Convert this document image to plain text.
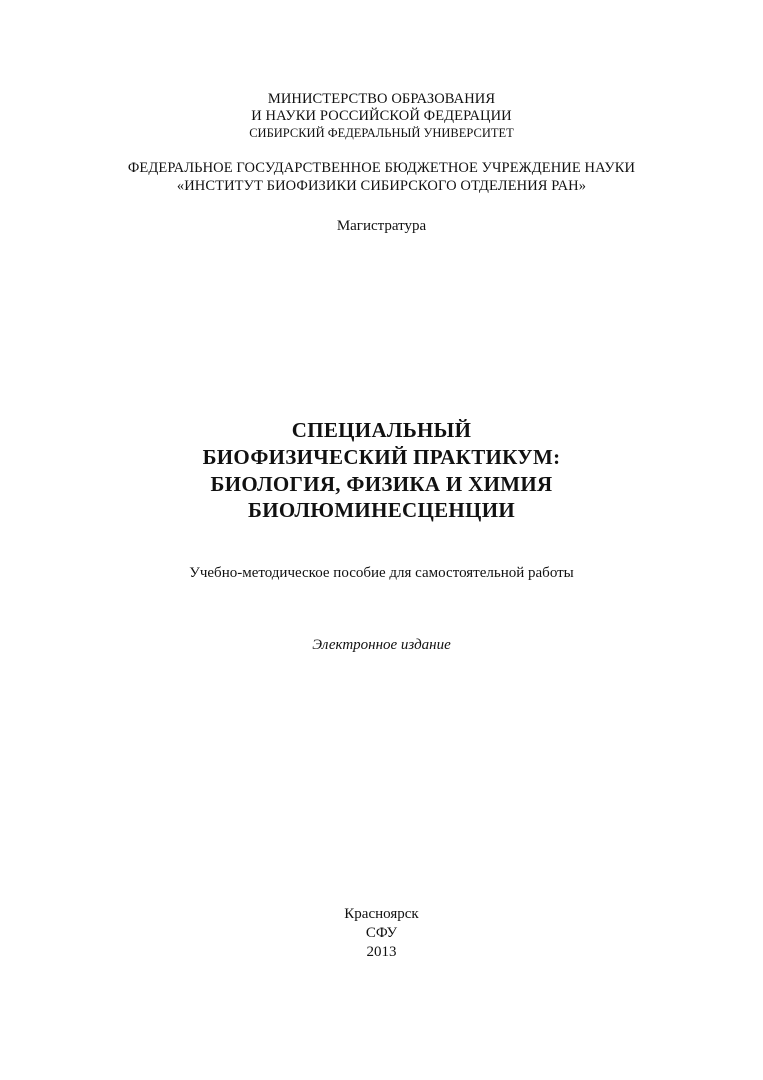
МИНИСТЕРСТВО ОБРАЗОВАНИЯ
И НАУКИ РОССИЙСКОЙ ФЕДЕРАЦИИ
СИБИРСКИЙ ФЕДЕРАЛЬНЫЙ УНИВЕРСИТЕТ
ФЕДЕРАЛЬНОЕ ГОСУДАРСТВЕННОЕ БЮДЖЕТНОЕ УЧРЕЖДЕНИЕ НАУКИ
«ИНСТИТУТ БИОФИЗИКИ СИБИРСКОГО ОТДЕЛЕНИЯ РАН»
Магистратура
СПЕЦИАЛЬНЫЙ
БИОФИЗИЧЕСКИЙ ПРАКТИКУМ:
БИОЛОГИЯ, ФИЗИКА И ХИМИЯ
БИОЛЮМИНЕСЦЕНЦИИ
Учебно-методическое пособие для самостоятельной работы
Электронное издание
Красноярск
СФУ
2013
